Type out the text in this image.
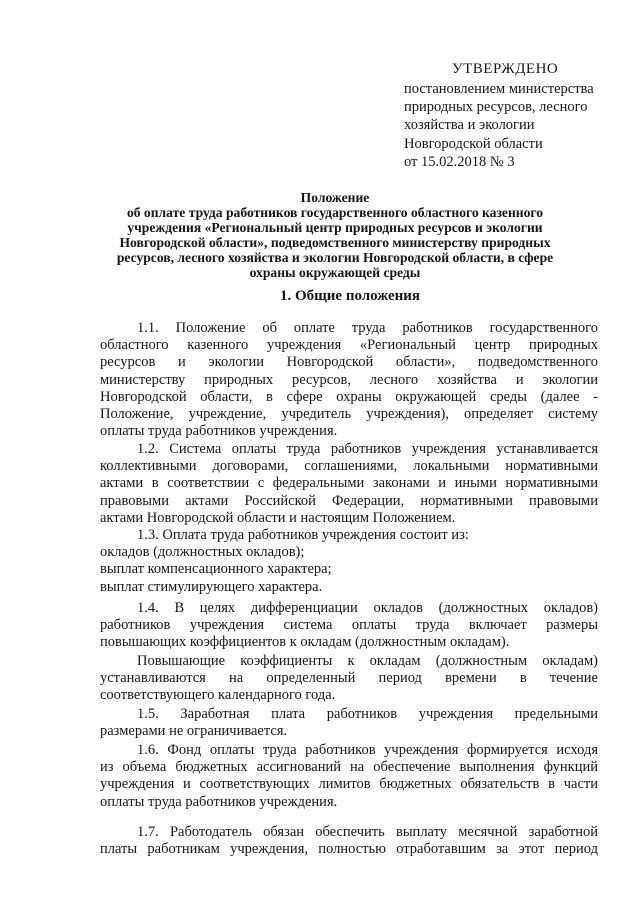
УТВЕРЖДЕНО
постановлением министерства
природных ресурсов, лесного
хозяйства и экологии
Новгородской области
от 15.02.2018 № 3
Положение
об оплате труда работников государственного областного казенного
учреждения «Региональный центр природных ресурсов и экологии
Новгородской области», подведомственного министерству природных
ресурсов, лесного хозяйства и экологии Новгородской области, в сфере
охраны окружающей среды
1. Общие положения
1.1. Положение об оплате труда работников государственного
областного казенного учреждения «Региональный центр природных
ресурсов и экологии Новгородской области», подведомственного
министерству природных ресурсов, лесного хозяйства и экологии
Новгородской области, в сфере охраны окружающей среды (далее -
Положение, учреждение, учредитель учреждения), определяет систему
оплаты труда работников учреждения.
1.2. Система оплаты труда работников учреждения устанавливается
коллективными договорами, соглашениями, локальными нормативными
актами в соответствии с федеральными законами и иными нормативными
правовыми актами Российской Федерации, нормативными правовыми
актами Новгородской области и настоящим Положением.
1.3. Оплата труда работников учреждения состоит из:
окладов (должностных окладов);
выплат компенсационного характера;
выплат стимулирующего характера.
1.4. В целях дифференциации окладов (должностных окладов)
работников учреждения система оплаты труда включает размеры
повышающих коэффициентов к окладам (должностным окладам).
Повышающие коэффициенты к окладам (должностным окладам)
устанавливаются на определенный период времени в течение
соответствующего календарного года.
1.5. Заработная плата работников учреждения предельными
размерами не ограничивается.
1.6. Фонд оплаты труда работников учреждения формируется исходя
из объема бюджетных ассигнований на обеспечение выполнения функций
учреждения и соответствующих лимитов бюджетных обязательств в части
оплаты труда работников учреждения.
1.7. Работодатель обязан обеспечить выплату месячной заработной
платы работникам учреждения, полностью отработавшим за этот период
